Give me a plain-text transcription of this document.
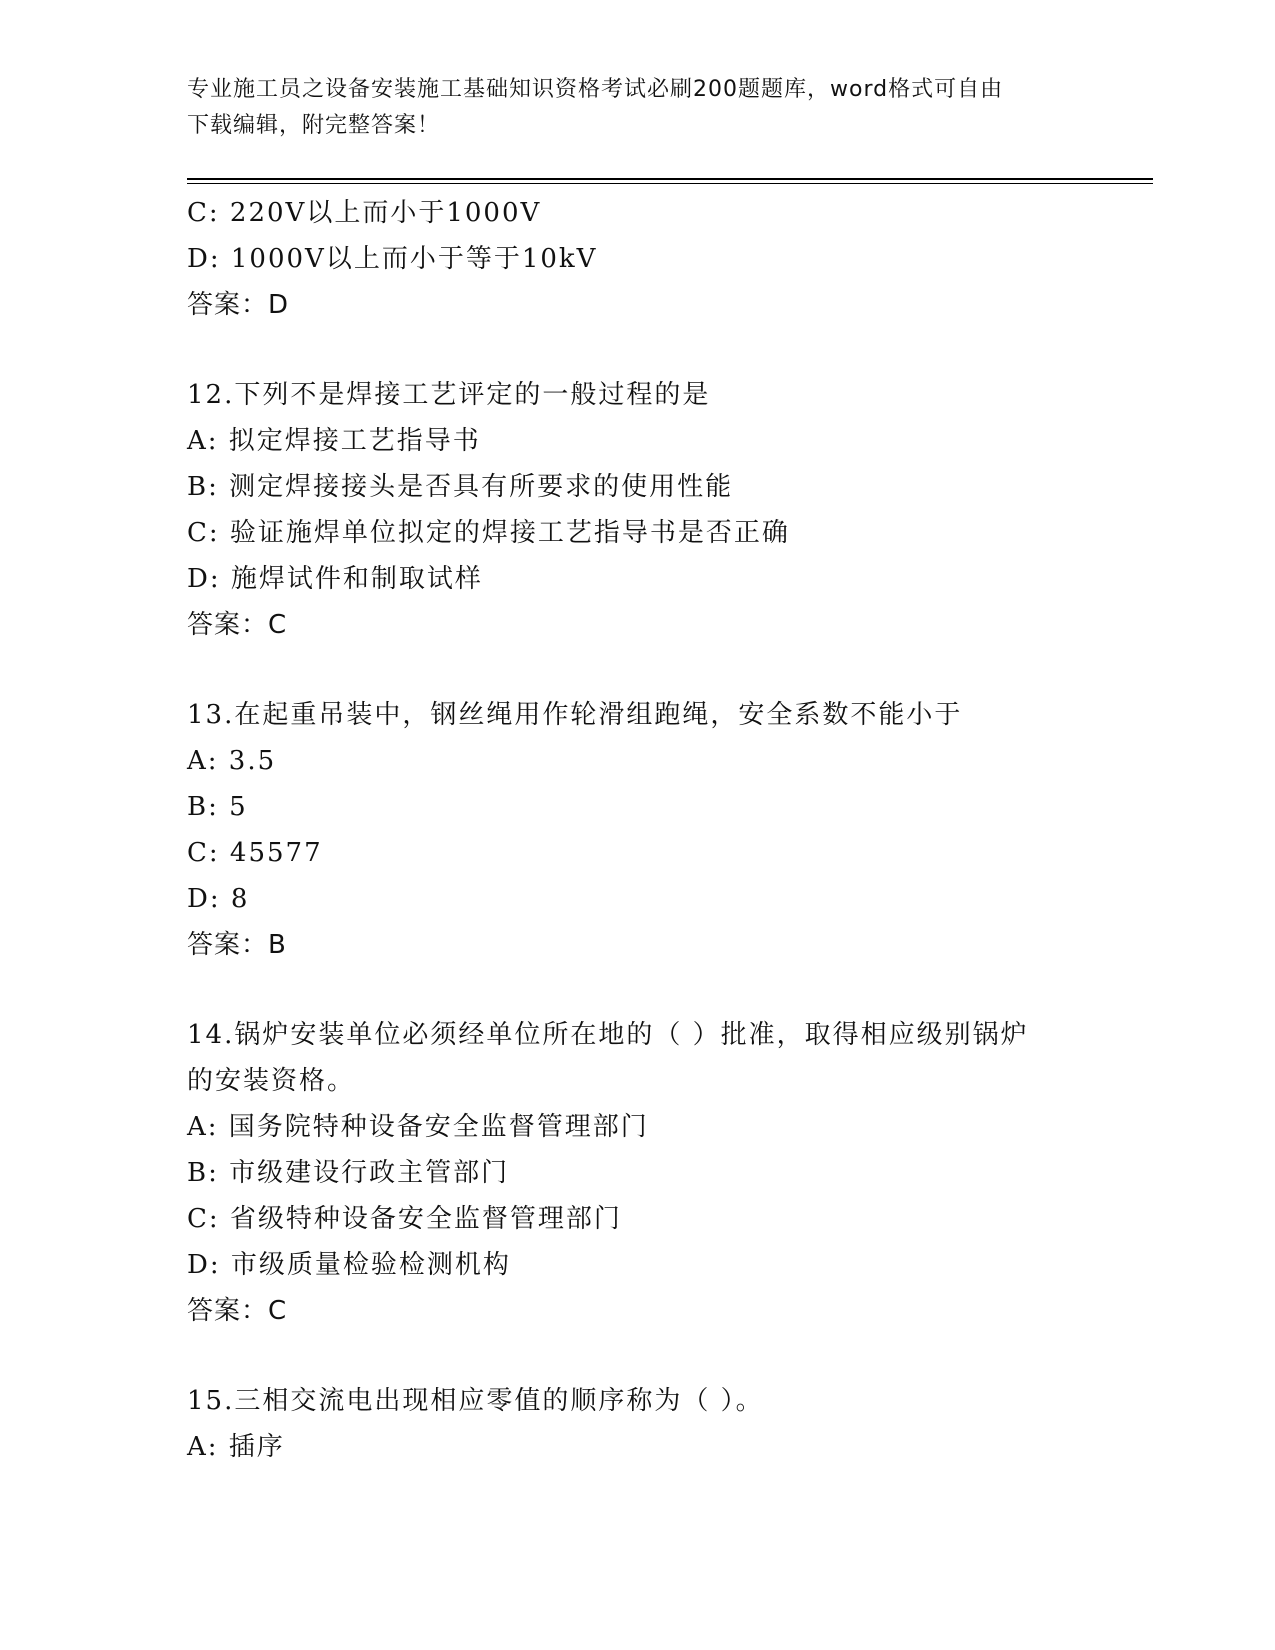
专业施工员之设备安装施工基础知识资格考试必刷200题题库，word格式可自由
下载编辑，附完整答案！
C: 220V以上而小于1000V
D: 1000V以上而小于等于10kV
答案：D
12.下列不是焊接工艺评定的一般过程的是
A: 拟定焊接工艺指导书
B: 测定焊接接头是否具有所要求的使用性能
C: 验证施焊单位拟定的焊接工艺指导书是否正确
D: 施焊试件和制取试样
答案：C
13.在起重吊装中，钢丝绳用作轮滑组跑绳，安全系数不能小于
A: 3.5
B: 5
C: 45577
D: 8
答案：B
14.锅炉安装单位必须经单位所在地的（ ）批准，取得相应级别锅炉
的安装资格。
A: 国务院特种设备安全监督管理部门
B: 市级建设行政主管部门
C: 省级特种设备安全监督管理部门
D: 市级质量检验检测机构
答案：C
15.三相交流电出现相应零值的顺序称为（ ）。
A: 插序
